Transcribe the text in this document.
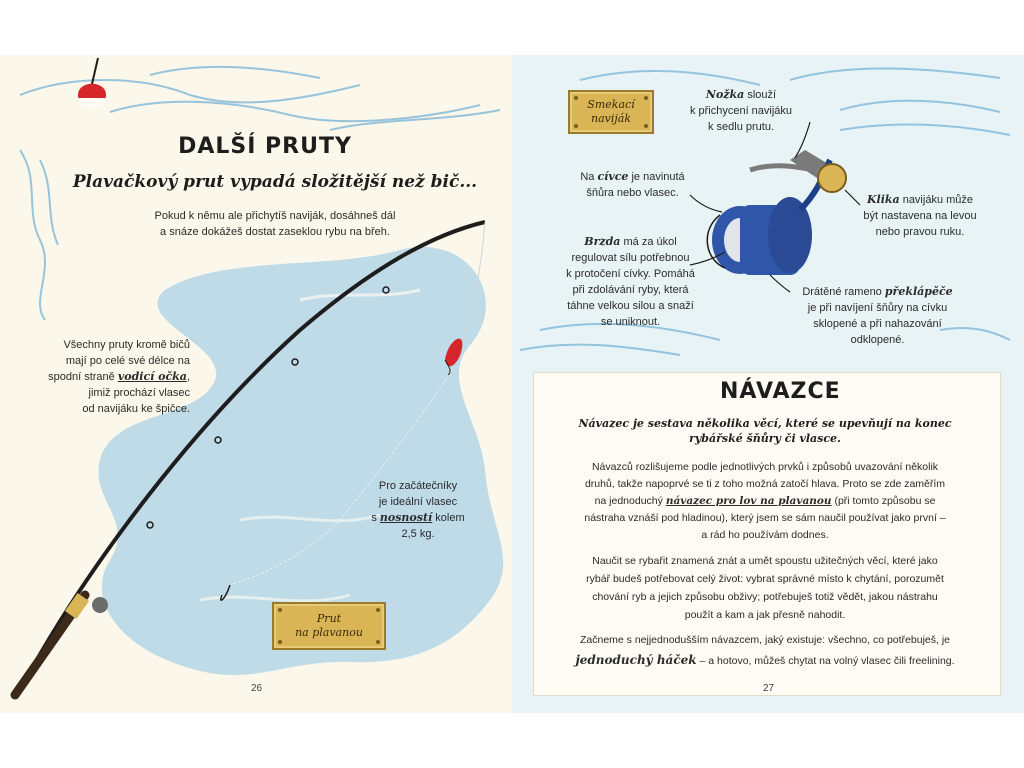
DALŠÍ PRUTY
Plavačkový prut vypadá složitější než bič...
Pokud k němu ale přichytíš naviják, dosáhneš dál
a snáze dokážeš dostat zaseklou rybu na břeh.
Všechny pruty kromě bičů
mají po celé své délce na
spodní straně vodicí očka,
jimiž prochází vlasec
od navijáku ke špičce.
Pro začátečníky
je ideální vlasec
s nosností kolem
2,5 kg.
Prut
na plavanou
26
Smekací
naviják
Nožka slouží
k přichycení navijáku
k sedlu prutu.
Na cívce je navinutá
šňůra nebo vlasec.	Klika navijáku může
být nastavena na levou
nebo pravou ruku.
Brzda má za úkol
regulovat sílu potřebnou
k protočení cívky. Pomáhá
při zdolávání ryby, která
táhne velkou silou a snaží
se uniknout.
Drátěné rameno překlápěče
je při navíjení šňůry na cívku
sklopené a při nahazování
odklopené.
NÁVAZCE
Návazec je sestava několika věcí, které se upevňují na konec
rybářské šňůry či vlasce.
Návazců rozlišujeme podle jednotlivých prvků i způsobů uvazování několik
druhů, takže napoprvé se ti z toho možná zatočí hlava. Proto se zde zaměřím
na jednoduchý návazec pro lov na plavanou (při tomto způsobu se
nástraha vznáší pod hladinou), který jsem se sám naučil používat jako první –
a rád ho používám dodnes.
Naučit se rybařit znamená znát a umět spoustu užitečných věcí, které jako
rybář budeš potřebovat celý život: vybrat správné místo k chytání, porozumět
chování ryb a jejich způsobu obživy; potřebuješ totiž vědět, jakou nástrahu
použít a kam a jak přesně nahodit.
Začneme s nejjednodušším návazcem, jaký existuje: všechno, co potřebuješ, je
jednoduchý háček – a hotovo, můžeš chytat na volný vlasec čili freelining.
27
